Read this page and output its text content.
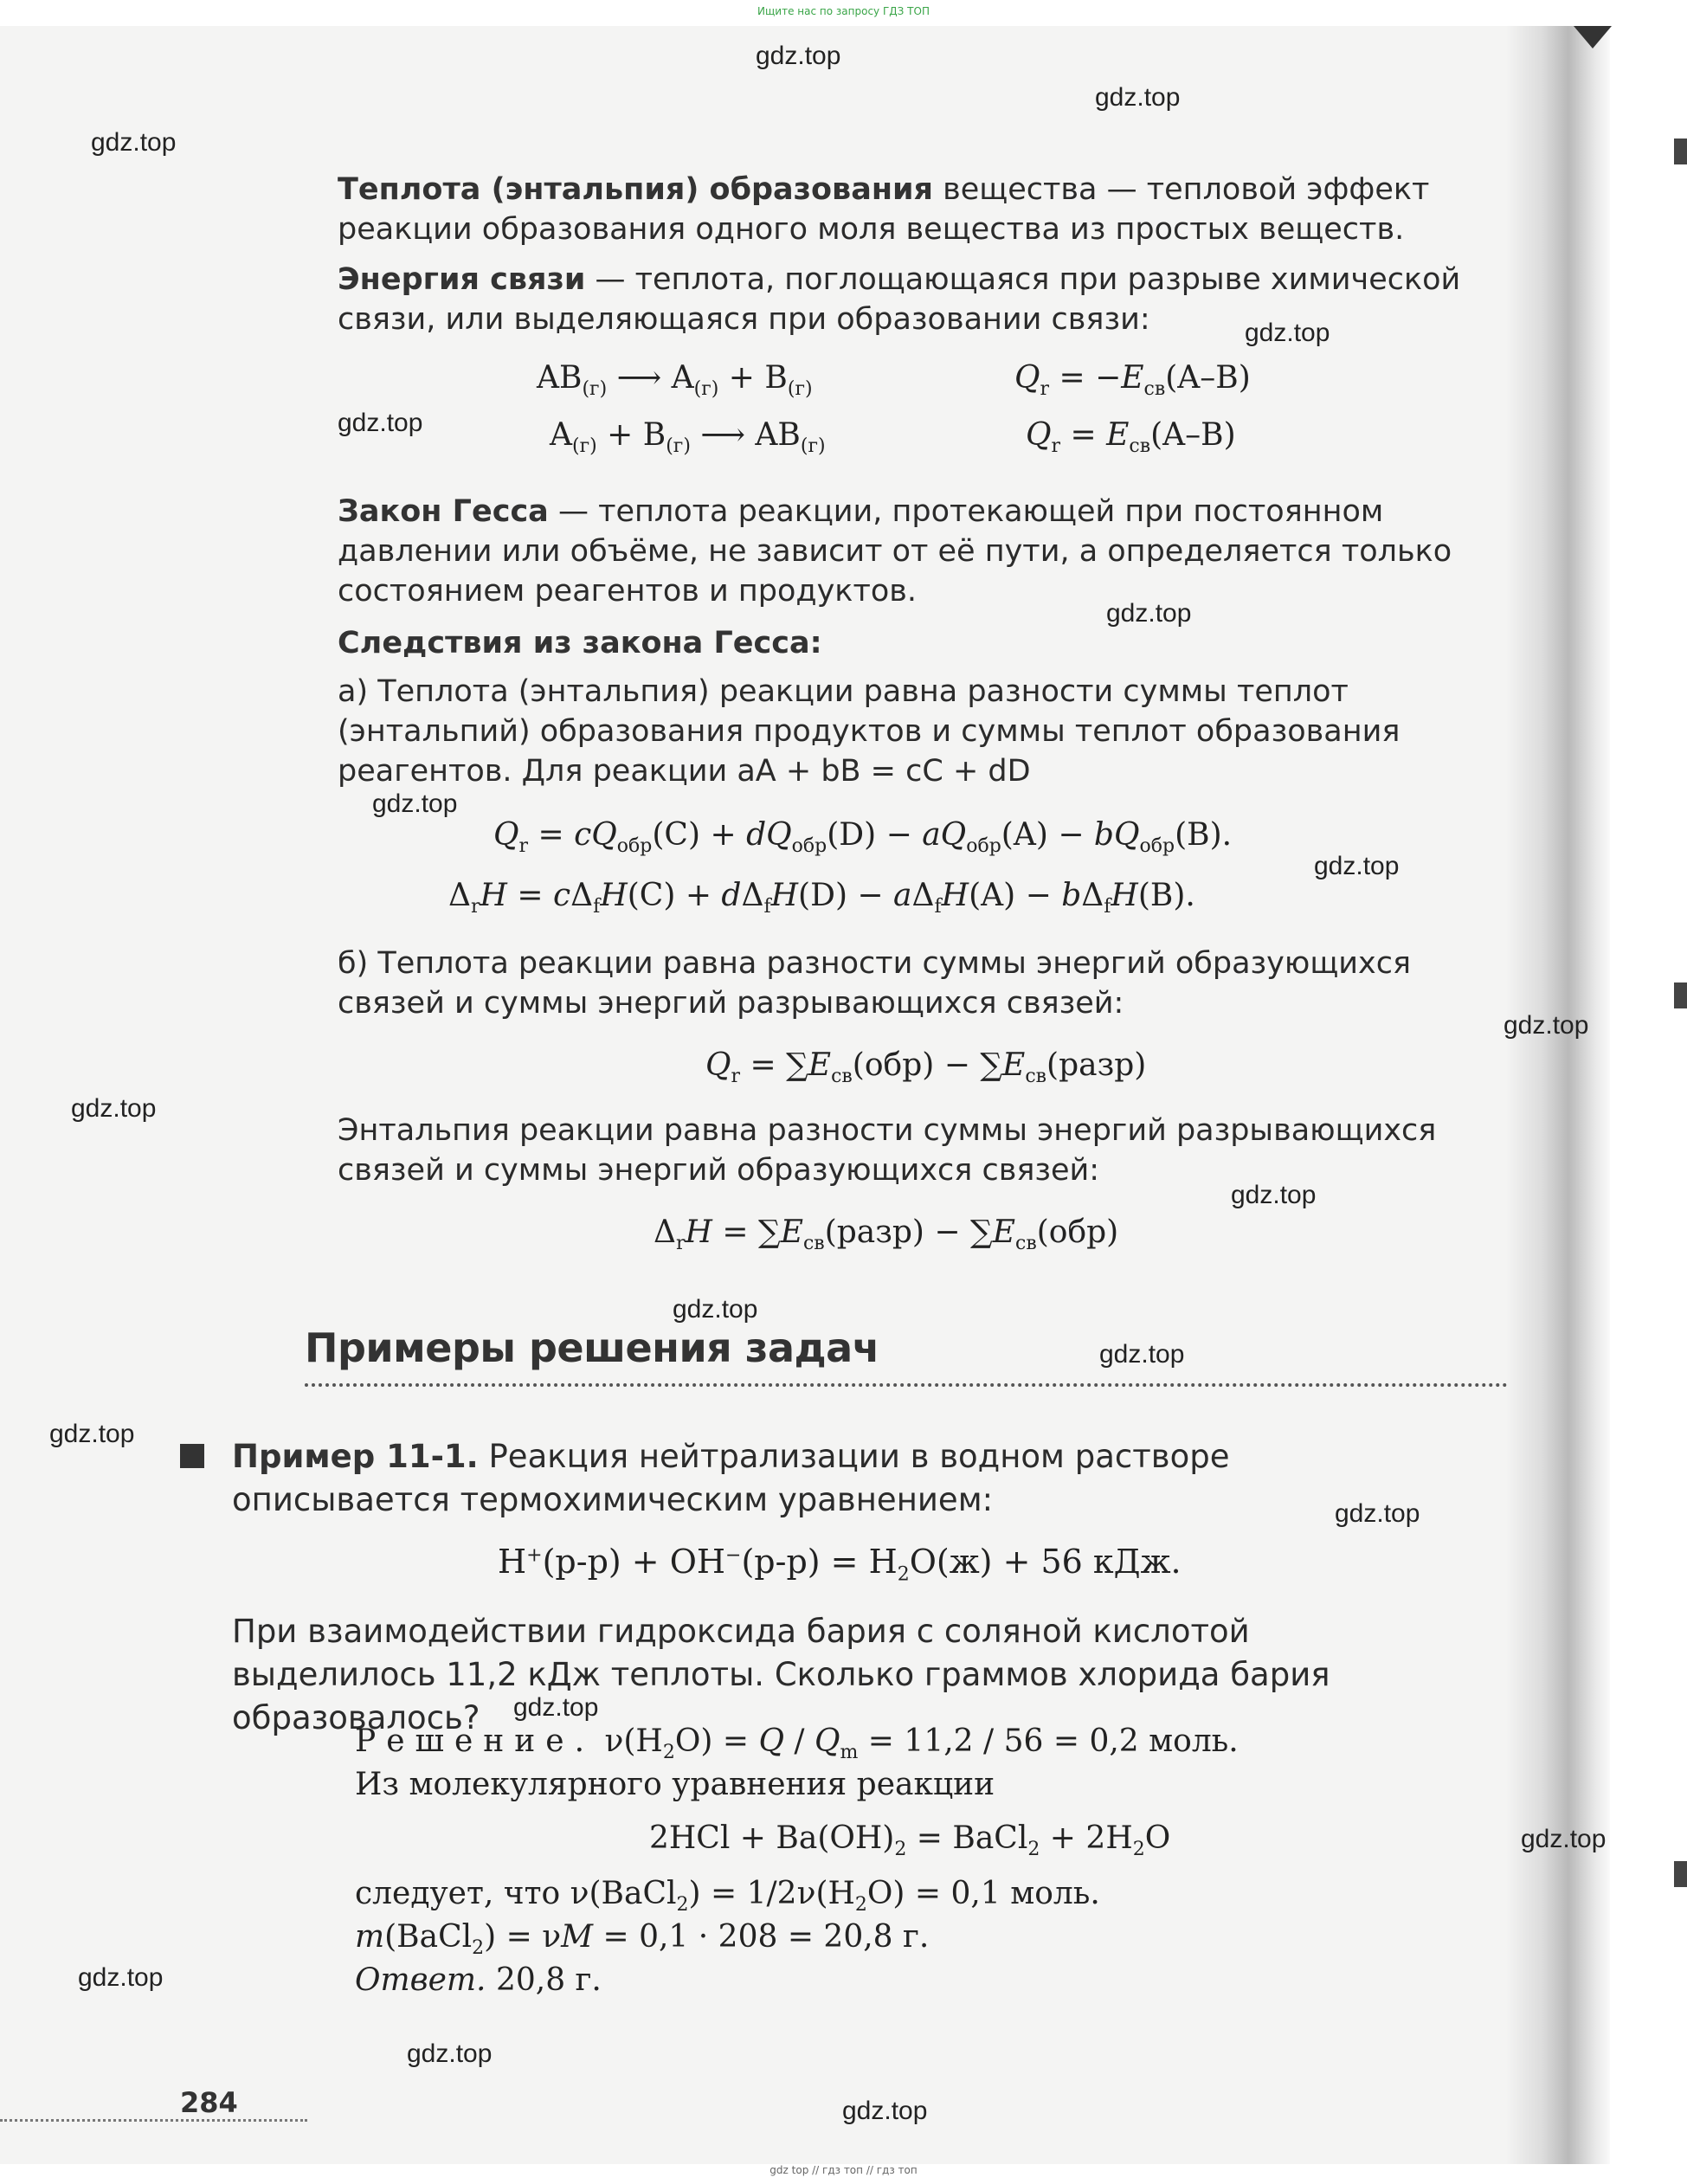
Ищите нас по запросу ГДЗ ТОП
gdz.top
gdz.top
gdz.top
gdz.top
gdz.top
gdz.top
gdz.top
gdz.top
gdz.top
gdz.top
gdz.top
gdz.top
gdz.top
gdz.top
gdz.top
gdz.top
gdz.top
gdz.top
gdz.top
gdz.top
Теплота (энтальпия) образования вещества — тепловой эффект реакции образования одного моля вещества из простых веществ.
Энергия связи — теплота, поглощающаяся при разрыве химической связи, или выделяющаяся при образовании связи:
$AB_{(г)}$ ⟶ $A_{(г)} + B_{(г)}$	$Q_r = -E_{св}(A-B)$
$A_{(г)} + B_{(г)}$ ⟶ $AB_{(г)}$	$Q_r = E_{св}(A-B)$
Закон Гесса — теплота реакции, протекающей при постоянном давлении или объёме, не зависит от её пути, а определяется только состоянием реагентов и продуктов.
Следствия из закона Гесса:
а) Теплота (энтальпия) реакции равна разности суммы теплот (энтальпий) образования продуктов и суммы теплот образования реагентов. Для реакции aA + bB = cC + dD
$Q_r = cQ_{обр}(C) + dQ_{обр}(D) - aQ_{обр}(A) - bQ_{обр}(B)$.
$\Delta_rH = c\Delta_fH(C) + d\Delta_fH(D) - a\Delta_fH(A) - b\Delta_fH(B)$.
б) Теплота реакции равна разности суммы энергий образующихся связей и суммы энергий разрывающихся связей:
$Q_r = \sum E_{св}(обр)$ − $\sum E_{св}(разр)$
Энтальпия реакции равна разности суммы энергий разрывающихся связей и суммы энергий образующихся связей:
$\Delta_rH$ = $\sum E_{св}(разр) - \sum E_{св}(обр)$
Примеры решения задач
Пример 11-1. Реакция нейтрализации в водном растворе описывается термохимическим уравнением:
$H^+(р-р) + OH^-(р-р) = H_2O(ж) + 56$ кДж.
При взаимодействии гидроксида бария с соляной кислотой выделилось 11,2 кДж теплоты. Сколько граммов хлорида бария образовалось?
Решение. $\nu(H_2O) = Q / Q_m = 11,2 / 56 = 0,2$ моль.
Из молекулярного уравнения реакции
$2HCl + Ba(OH)_2$ = BaCl$_2$ + $2H_2O$
следует, что ν(BaCl$_2$) = $1/2\nu(H_2O) = 0,1$ моль.
m(BaCl$_2$) = νM = 0,1 · 208 = 20,8 г.
Ответ. 20,8 г.
284
gdz top // гдз топ // гдз топ
